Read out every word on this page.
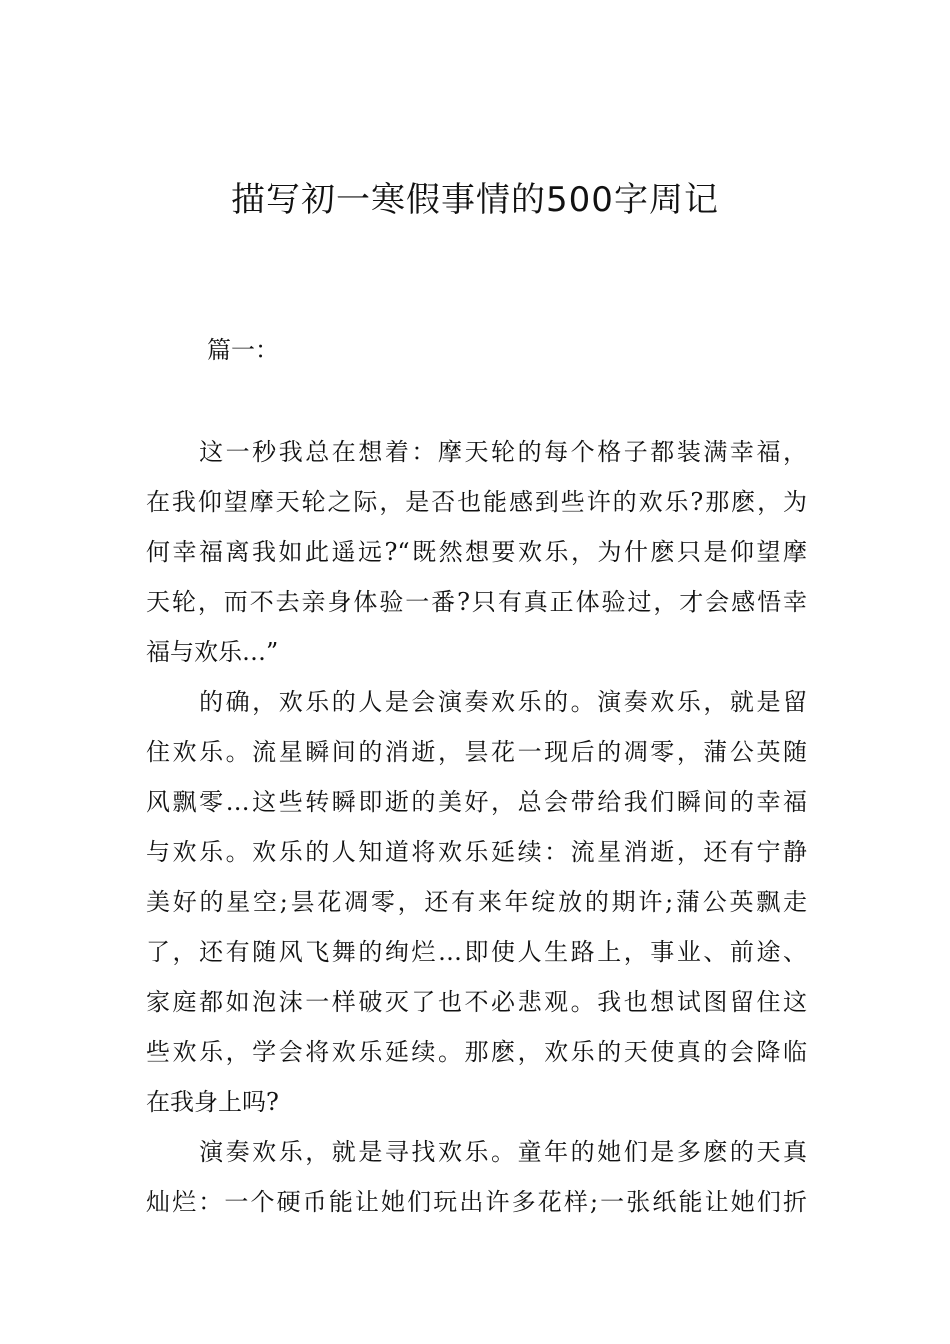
描写初一寒假事情的500字周记
篇一：
　　这一秒我总在想着：摩天轮的每个格子都装满幸福，
在我仰望摩天轮之际，是否也能感到些许的欢乐?那麽，为
何幸福离我如此遥远?“既然想要欢乐，为什麽只是仰望摩
天轮，而不去亲身体验一番?只有真正体验过，才会感悟幸
福与欢乐…”
　　的确，欢乐的人是会演奏欢乐的。演奏欢乐，就是留
住欢乐。流星瞬间的消逝，昙花一现后的凋零，蒲公英随
风飘零…这些转瞬即逝的美好，总会带给我们瞬间的幸福
与欢乐。欢乐的人知道将欢乐延续：流星消逝，还有宁静
美好的星空;昙花凋零，还有来年绽放的期许;蒲公英飘走
了，还有随风飞舞的绚烂…即使人生路上，事业、前途、
家庭都如泡沫一样破灭了也不必悲观。我也想试图留住这
些欢乐，学会将欢乐延续。那麽，欢乐的天使真的会降临
在我身上吗?
　　演奏欢乐，就是寻找欢乐。童年的她们是多麽的天真
灿烂：一个硬币能让她们玩出许多花样;一张纸能让她们折
